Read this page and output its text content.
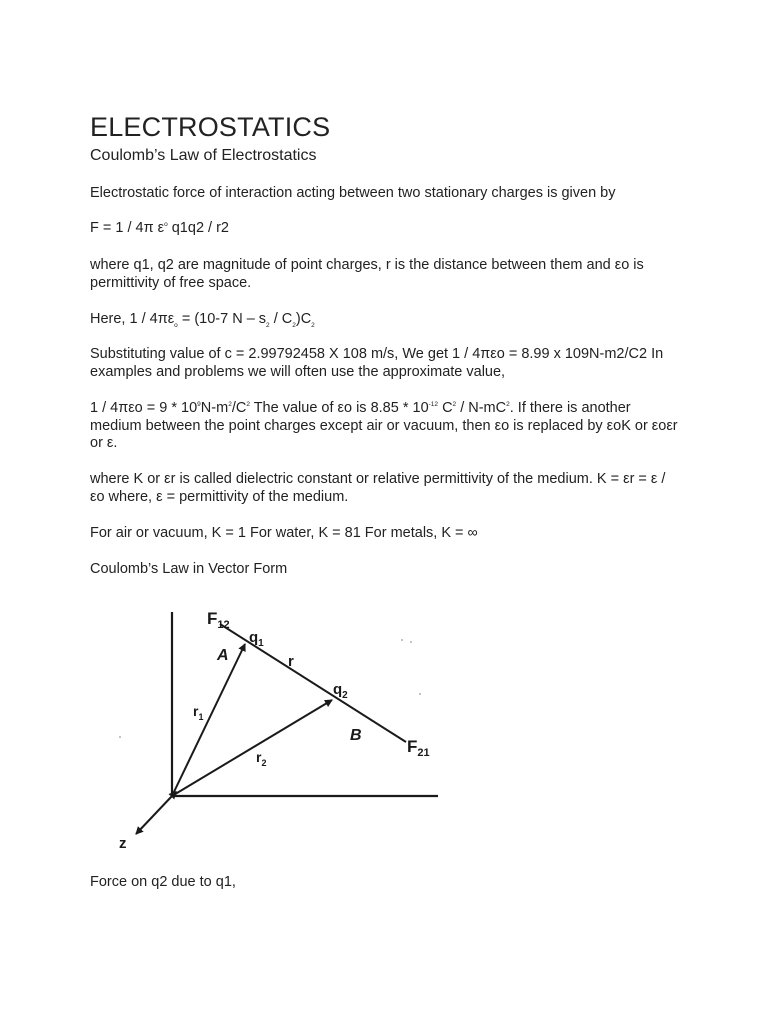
ELECTROSTATICS
Coulomb’s Law of Electrostatics

Electrostatic force of interaction acting between two stationary charges is given by

F = 1 / 4π $\varepsilon^o$ q1q2 / r2

where q1, q2 are magnitude of point charges, r is the distance between them and εo is permittivity of free space.

Here, $1 / 4\pi\varepsilon_o = (10-7$ N – $s_2 / C_2)C_2$

Substituting value of c = 2.99792458 X 108 m/s, We get 1 / 4πεo = 8.99 x 109N-m2/C2 In examples and problems we will often use the approximate value,

$1 / 4\pi\varepsilon o = 9 * 10^9N-m^2/C^2$ The value of εo is $8.85 * 10^{-12}$ $C^2 / N-mC^2$. If there is another medium between the point charges except air or vacuum, then εo is replaced by εoK or εoεr or ε.

where K or εr is called dielectric constant or relative permittivity of the medium. K = εr = ε / εo where, ε = permittivity of the medium.

For air or vacuum, K = 1 For water, K = 81 For metals, K = ∞

Coulomb’s Law in Vector Form

Force on q2 due to q1,

$F_{12}$
$q_1$
A	r
$q_2$
$r_1$
B
$F_{21}$
$r_2$
z
